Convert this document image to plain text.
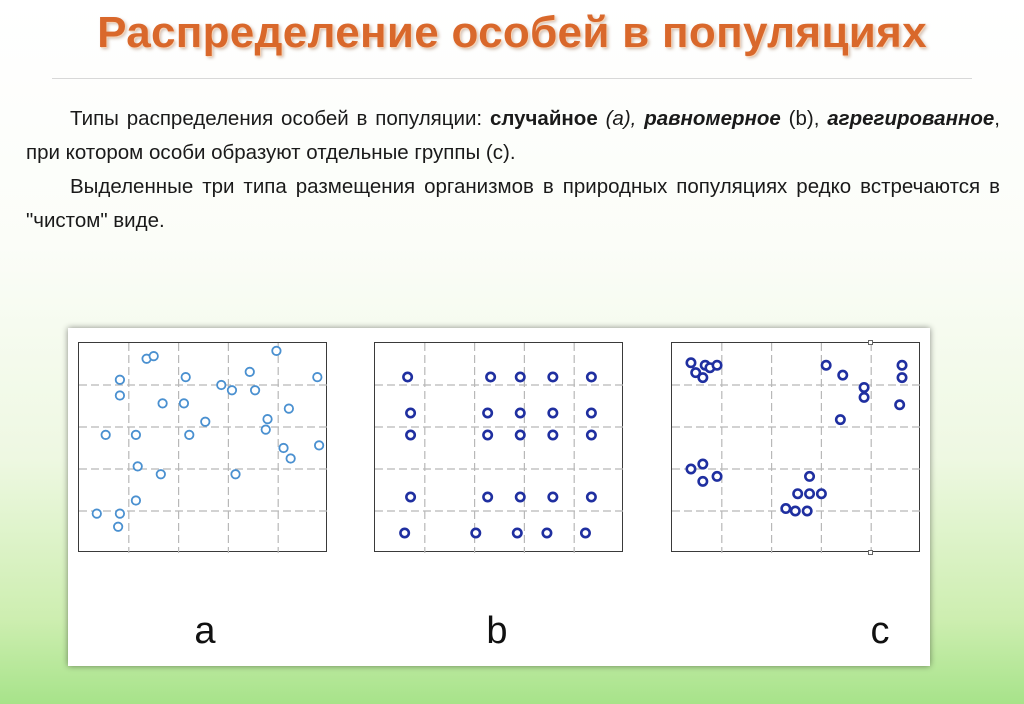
Распределение особей в популяциях

Типы распределения особей в популяции: случайное (а), равномерное (b), агрегированное, при котором особи образуют отдельные группы (с).

Выделенные три типа размещения организмов в природных популяциях редко встречаются в "чистом" виде.

a	b	c
